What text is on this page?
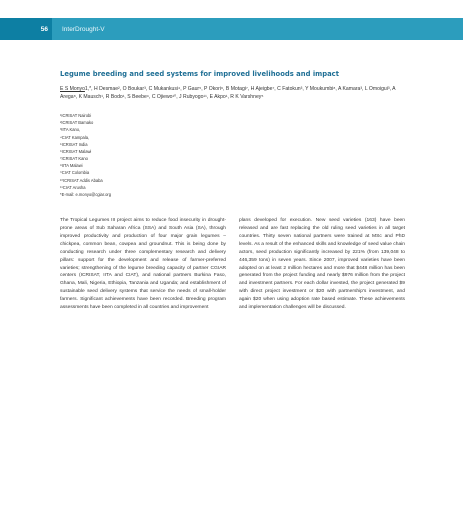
56 InterDrought-V
Legume breeding and seed systems for improved livelihoods and impact
E S Monyo1,*, H Desmae², O Boukar³, C Mukankusi⁴, P Gaur⁵, P Okori⁶, B Motagi⁷, H Ajeigbe⁷, C Fatokun³, Y Moukumbi⁸, A Kamara³, L Omoigui³, A Arega⁸, K Mausch¹, R Bodo¹, S Beebe⁹, C Ojiewo¹⁰, J Rubyogo¹¹, E Akpo¹, R K Varshney⁵
¹ICRISAT Nairobi
²ICRISAT Bamako
³IITA Kano,
⁴CIAT Kampala,
⁵ICRISAT India
⁶ICRISAT Malawi
⁷ICRISAT Kano
⁸IITA Malawi
⁹CIAT Colombia
¹⁰ICRISAT Addis Ababa
¹¹CIAT Arusha
*E-mail: e.monyo@cgiar.org

The Tropical Legumes III project aims to reduce food insecurity in drought-prone areas of Sub Saharan Africa (SSA) and South Asia (SA), through improved productivity and production of four major grain legumes – chickpea, common bean, cowpea and groundnut. This is being done by conducting research under three complementary research and delivery pillars: support for the development and release of farmer-preferred varieties; strengthening of the legume breeding capacity of partner CGIAR centers (ICRISAT, IITA and CIAT), and national partners Burkina Faso, Ghana, Mali, Nigeria, Ethiopia, Tanzania and Uganda; and establishment of sustainable seed delivery systems that service the needs of small-holder farmers. Significant achievements have been recorded. Breeding program assessments have been completed in all countries and improvement

plans developed for execution. New seed varieties (163) have been released and are fast replacing the old ruling seed varieties in all target countries. Thirty seven national partners were trained at MSc and PhD levels. As a result of the enhanced skills and knowledge of seed value chain actors, seed production significantly increased by 221% (from 139,048 to 446,359 tons) in seven years. Since 2007, improved varieties have been adopted on at least 2 million hectares and more that $448 million has been generated from the project funding and nearly $976 million from the project and investment partners. For each dollar invested, the project generated $9 with direct project investment or $20 with partnership's investment, and again $20 when using adoption rate based estimate. These achievements and implementation challenges will be discussed.
